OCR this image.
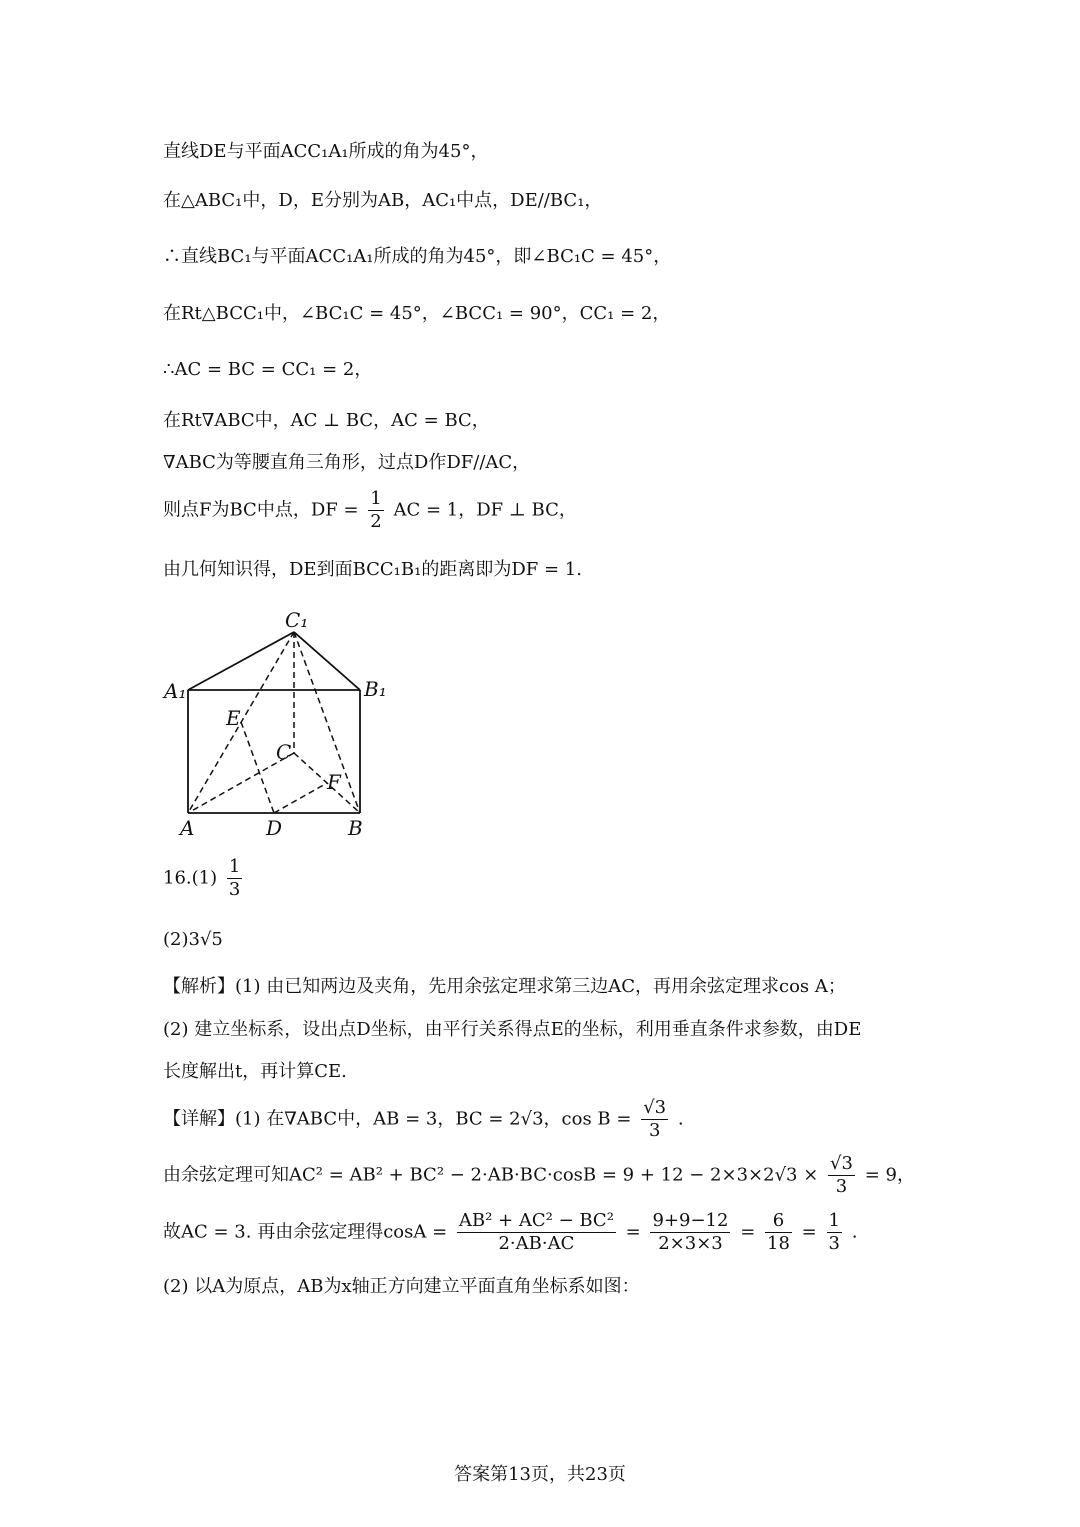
直线DE与平面ACC₁A₁所成的角为45°，
在△ABC₁中，D，E分别为AB，AC₁中点，DE//BC₁，
∴直线BC₁与平面ACC₁A₁所成的角为45°，即∠BC₁C = 45°，
在Rt△BCC₁中，∠BC₁C = 45°，∠BCC₁ = 90°，CC₁ = 2，
∴AC = BC = CC₁ = 2，
在Rt∇ABC中，AC ⊥ BC，AC = BC，
∇ABC为等腰直角三角形，过点D作DF//AC，
则点F为BC中点，DF = $\frac{1}{2}$ AC = 1，DF ⊥ BC，
由几何知识得，DE到面BCC₁B₁的距离即为DF = 1.
C₁
A₁	B₁
E
C
F
A	D	B
$16.(1) \frac{1}{3}$
(2)3√5
【解析】(1) 由已知两边及夹角，先用余弦定理求第三边AC，再用余弦定理求cos A；
(2) 建立坐标系，设出点D坐标，由平行关系得点E的坐标，利用垂直条件求参数，由DE
长度解出t，再计算CE.
【详解】(1) 在∇ABC中，AB = 3，BC = 2√3，$\cos B = \frac{√3}{3}$ .
由余弦定理可知$AC^2 = AB^2 + BC^2 - 2\cdot AB\cdot BC\cdot\cos B = 9 + 12 - 2\times 3\times 2√3 \times \frac{√3}{3} = 9$，
故AC = 3. 再由余弦定理得$\cos A = \frac{\text{AB² + AC² − BC²}}{2\cdot AB\cdot AC} = \frac{9+9-12}{2\times 3\times 3} = \frac{6}{18} = \frac{1}{3}$ .
(2) 以A为原点，AB为x轴正方向建立平面直角坐标系如图：
答案第13页，共23页
